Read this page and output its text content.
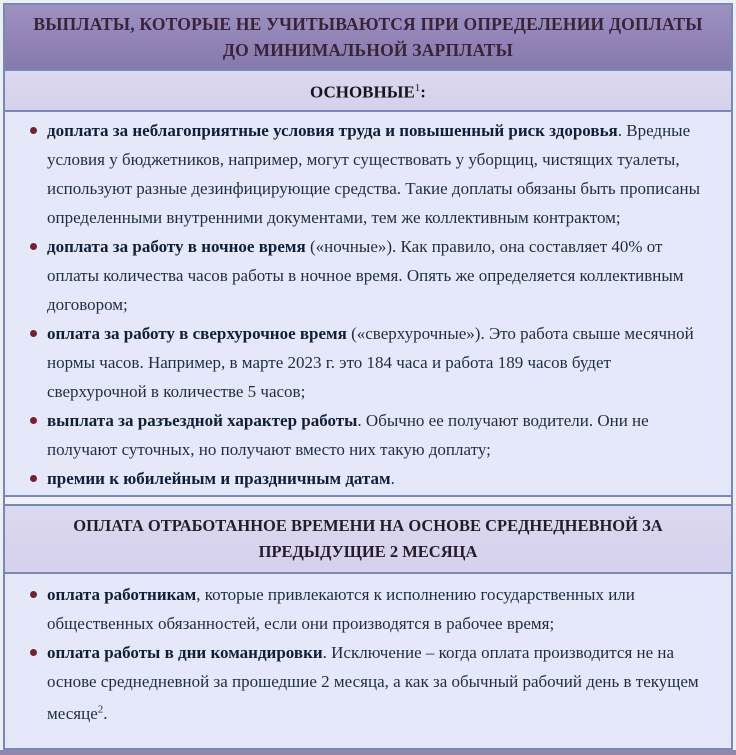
ВЫПЛАТЫ, КОТОРЫЕ НЕ УЧИТЫВАЮТСЯ ПРИ ОПРЕДЕЛЕНИИ ДОПЛАТЫ ДО МИНИМАЛЬНОЙ ЗАРПЛАТЫ
ОСНОВНЫЕ$^1$:
доплата за неблагоприятные условия труда и повышенный риск здоровья. Вредные условия у бюджетников, например, могут существовать у уборщиц, чистящих туалеты, используют разные дезинфицирующие средства. Такие доплаты обязаны быть прописаны определенными внутренними документами, тем же коллективным контрактом;
доплата за работу в ночное время («ночные»). Как правило, она составляет 40% от оплаты количества часов работы в ночное время. Опять же определяется коллективным договором;
оплата за работу в сверхурочное время («сверхурочные»). Это работа свыше месячной нормы часов. Например, в марте 2023 г. это 184 часа и работа 189 часов будет сверхурочной в количестве 5 часов;
выплата за разъездной характер работы. Обычно ее получают водители. Они не получают суточных, но получают вместо них такую доплату;
премии к юбилейным и праздничным датам.
ОПЛАТА ОТРАБОТАННОЕ ВРЕМЕНИ НА ОСНОВЕ СРЕДНЕДНЕВНОЙ ЗА ПРЕДЫДУЩИЕ 2 МЕСЯЦА
оплата работникам, которые привлекаются к исполнению государственных или общественных обязанностей, если они производятся в рабочее время;
оплата работы в дни командировки. Исключение – когда оплата производится не на основе среднедневной за прошедшие 2 месяца, а как за обычный рабочий день в текущем месяце$^2$.
